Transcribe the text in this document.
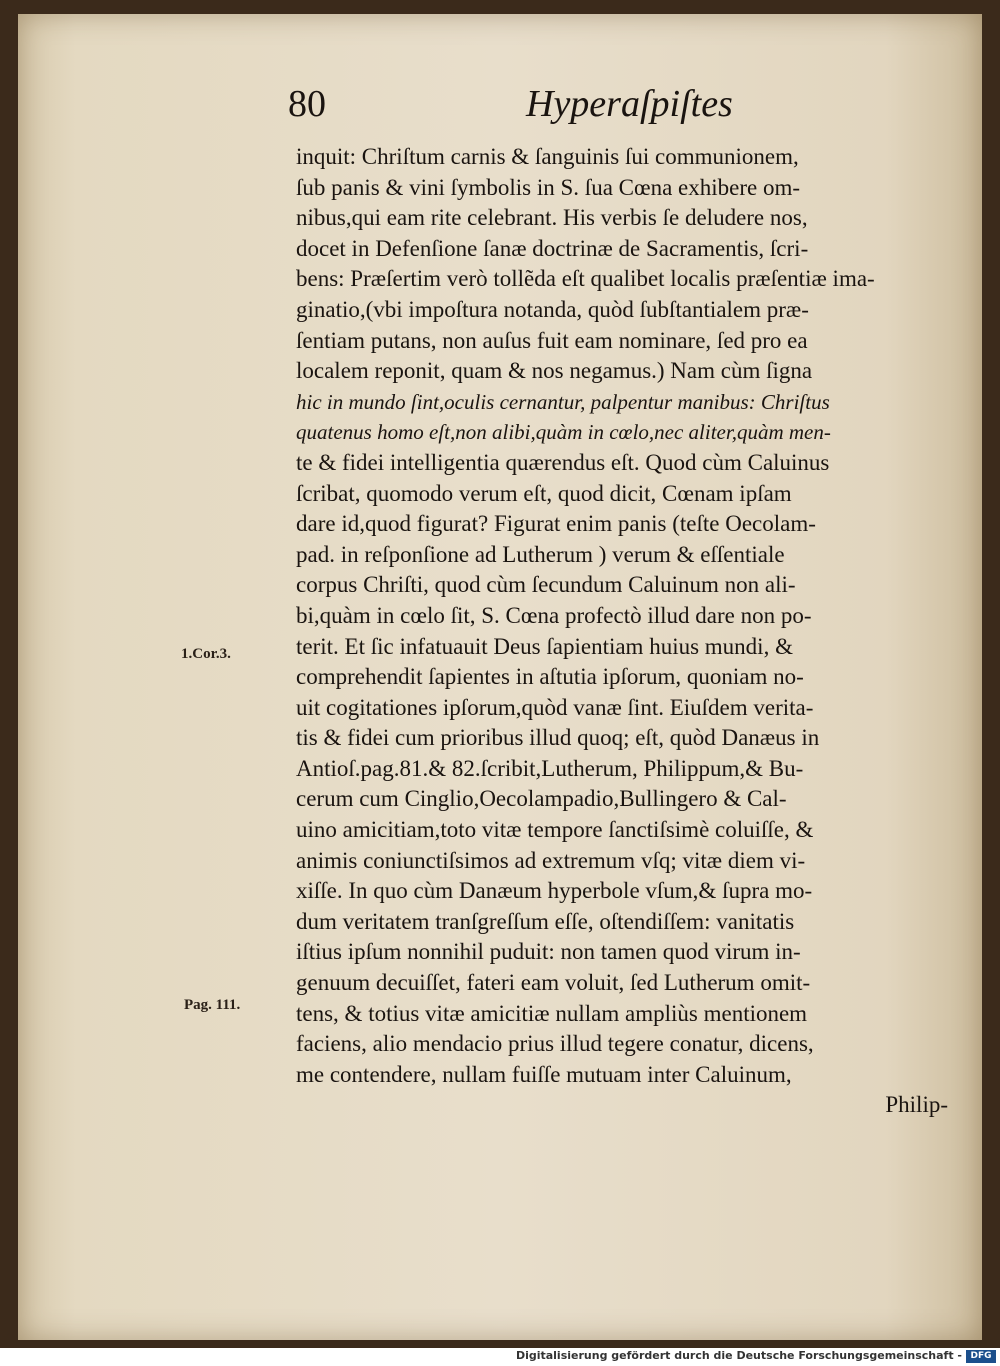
80	Hyperaſpiſtes
inquit: Chriſtum carnis & ſanguinis ſui communionem,
ſub panis & vini ſymbolis in S. ſua Cœna exhibere om-
nibus,qui eam rite celebrant. His verbis ſe deludere nos,
docet in Defenſione ſanæ doctrinæ de Sacramentis, ſcri-
bens: Præſertim verò tollẽda eſt qualibet localis præſentiæ ima-
ginatio,(vbi impoſtura notanda, quòd ſubſtantialem præ-
ſentiam putans, non auſus fuit eam nominare, ſed pro ea
localem reponit, quam & nos negamus.) Nam cùm ſigna
hic in mundo ſint,oculis cernantur, palpentur manibus: Chriſtus
quatenus homo eſt,non alibi,quàm in cœlo,nec aliter,quàm men-
te & fidei intelligentia quærendus eſt. Quod cùm Caluinus
ſcribat, quomodo verum eſt, quod dicit, Cœnam ipſam
dare id,quod figurat? Figurat enim panis (teſte Oecolam-
pad. in reſponſione ad Lutherum ) verum & eſſentiale
corpus Chriſti, quod cùm ſecundum Caluinum non ali-
bi,quàm in cœlo ſit, S. Cœna profectò illud dare non po-
terit. Et ſic infatuauit Deus ſapientiam huius mundi, &
comprehendit ſapientes in aſtutia ipſorum, quoniam no-
uit cogitationes ipſorum,quòd vanæ ſint. Eiuſdem verita-
tis & fidei cum prioribus illud quoq; eſt, quòd Danæus in
Antioſ.pag.81.& 82.ſcribit,Lutherum, Philippum,& Bu-
cerum cum Cinglio,Oecolampadio,Bullingero & Cal-
uino amicitiam,toto vitæ tempore ſanctiſsimè coluiſſe, &
animis coniunctiſsimos ad extremum vſq; vitæ diem vi-
xiſſe. In quo cùm Danæum hyperbole vſum,& ſupra mo-
dum veritatem tranſgreſſum eſſe, oſtendiſſem: vanitatis
iſtius ipſum nonnihil puduit: non tamen quod virum in-
genuum decuiſſet, fateri eam voluit, ſed Lutherum omit-
tens, & totius vitæ amicitiæ nullam ampliùs mentionem
faciens, alio mendacio prius illud tegere conatur, dicens,
me contendere, nullam fuiſſe mutuam inter Caluinum,
Philip-
1.Cor.3.
Pag. 111.
Digitalisierung gefördert durch die Deutsche Forschungsgemeinschaft - DFG
